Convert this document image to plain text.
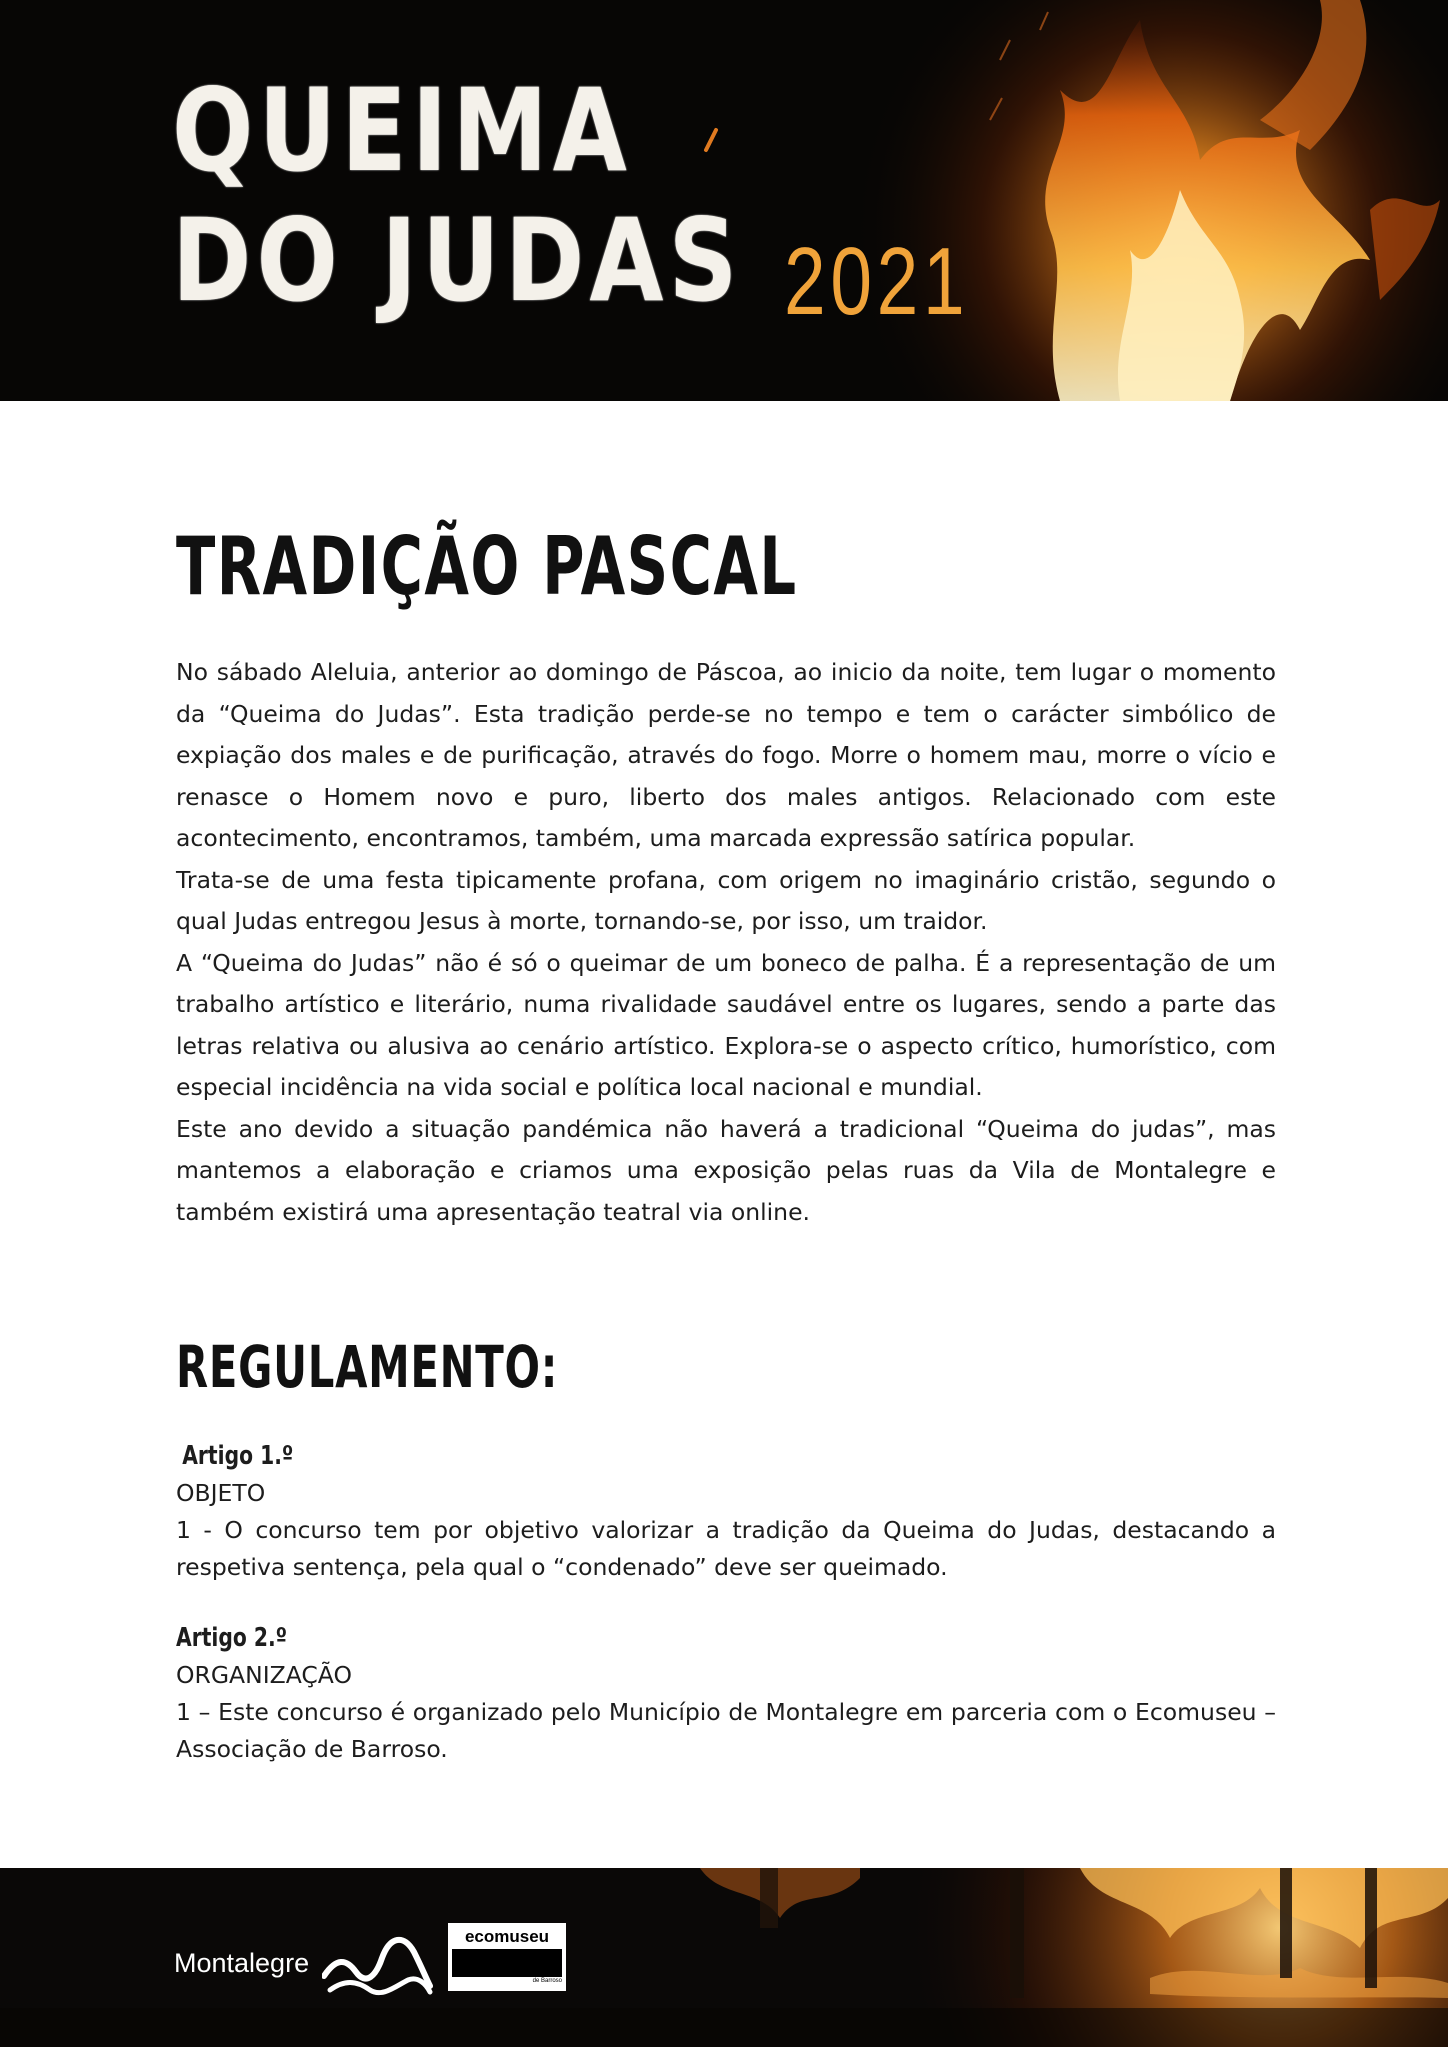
QUEIMA
DO JUDAS 2021
TRADIÇÃO PASCAL

No sábado Aleluia, anterior ao domingo de Páscoa, ao inicio da noite, tem lugar o momento da “Queima do Judas”. Esta tradição perde-se no tempo e tem o carácter simbólico de expiação dos males e de purificação, através do fogo. Morre o homem mau, morre o vício e renasce o Homem novo e puro, liberto dos males antigos. Relacionado com este acontecimento, encontramos, também, uma marcada expressão satírica popular.

Trata-se de uma festa tipicamente profana, com origem no imaginário cristão, segundo o qual Judas entregou Jesus à morte, tornando-se, por isso, um traidor.

A “Queima do Judas” não é só o queimar de um boneco de palha. É a representação de um trabalho artístico e literário, numa rivalidade saudável entre os lugares, sendo a parte das letras relativa ou alusiva ao cenário artístico. Explora-se o aspecto crítico, humorístico, com especial incidência na vida social e política local nacional e mundial.

Este ano devido a situação pandémica não haverá a tradicional “Queima do judas”, mas mantemos a elaboração e criamos uma exposição pelas ruas da Vila de Montalegre e também existirá uma apresentação teatral via online.

REGULAMENTO:
Artigo 1.º
OBJETO

1 - O concurso tem por objetivo valorizar a tradição da Queima do Judas, destacando a respetiva sentença, pela qual o “condenado” deve ser queimado.

Artigo 2.º
ORGANIZAÇÃO

1 – Este concurso é organizado pelo Município de Montalegre em parceria com o Ecomuseu – Associação de Barroso.

Montalegre
ecomuseu
de Barroso
